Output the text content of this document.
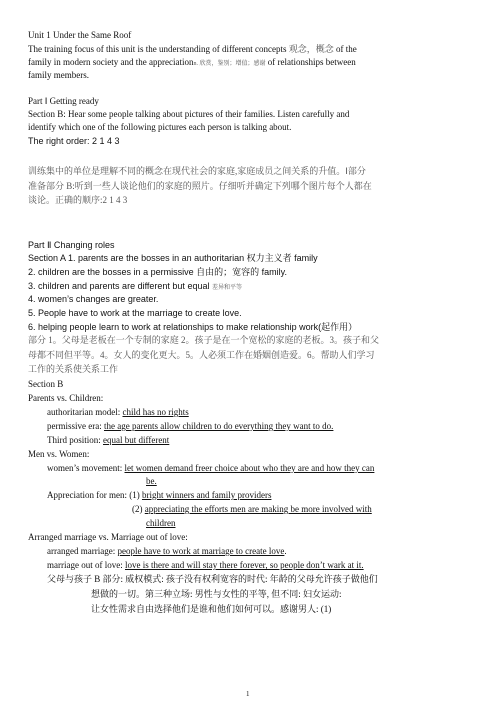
Unit 1 Under the Same Roof
The training focus of this unit is the understanding of different concepts 观念，概念 of the
family in modern society and the appreciationn. 欣赏，鉴别；增值；感谢 of relationships between
family members.
Part Ⅰ Getting ready
Section B: Hear some people talking about pictures of their families. Listen carefully and
identify which one of the following pictures each person is talking about.
The right order: 2 1 4 3
训练集中的单位是理解不同的概念在现代社会的家庭,家庭成员之间关系的升值。Ⅰ部分
准备部分 B:听到一些人谈论他们的家庭的照片。仔细听并确定下列哪个图片每个人都在
谈论。正确的顺序:2 1 4 3
Part Ⅱ Changing roles
Section A 1. parents are the bosses in an authoritarian 权力主义者 family
2. children are the bosses in a permissive 自由的；宽容的 family.
3. children and parents are different but equal 差异和平等
4. women’s changes are greater.
5. People have to work at the marriage to create love.
6. helping people learn to work at relationships to make relationship work(起作用）
部分 1。父母是老板在一个专制的家庭 2。孩子是在一个宽松的家庭的老板。3。孩子和父
母都不同但平等。4。女人的变化更大。5。人必须工作在婚姻创造爱。6。帮助人们学习
工作的关系使关系工作
Section B
Parents vs. Children:
authoritarian model: child has no rights
permissive era: the age parents allow children to do everything they want to do.
Third position: equal but different
Men vs. Women:
women’s movement: let women demand freer choice about who they are and how they can
be.
Appreciation for men: (1) bright winners and family providers
(2) appreciating the efforts men are making be more involved with
children
Arranged marriage vs. Marriage out of love:
arranged marriage: people have to work at marriage to create love.
marriage out of love: love is there and will stay there forever, so people don’t wark at it.
父母与孩子 B 部分: 威权模式: 孩子没有权利宽容的时代: 年龄的父母允许孩子做他们
想做的一切。第三种立场: 男性与女性的平等, 但不同: 妇女运动:
让女性需求自由选择他们是谁和他们如何可以。感谢男人: (1)
1
